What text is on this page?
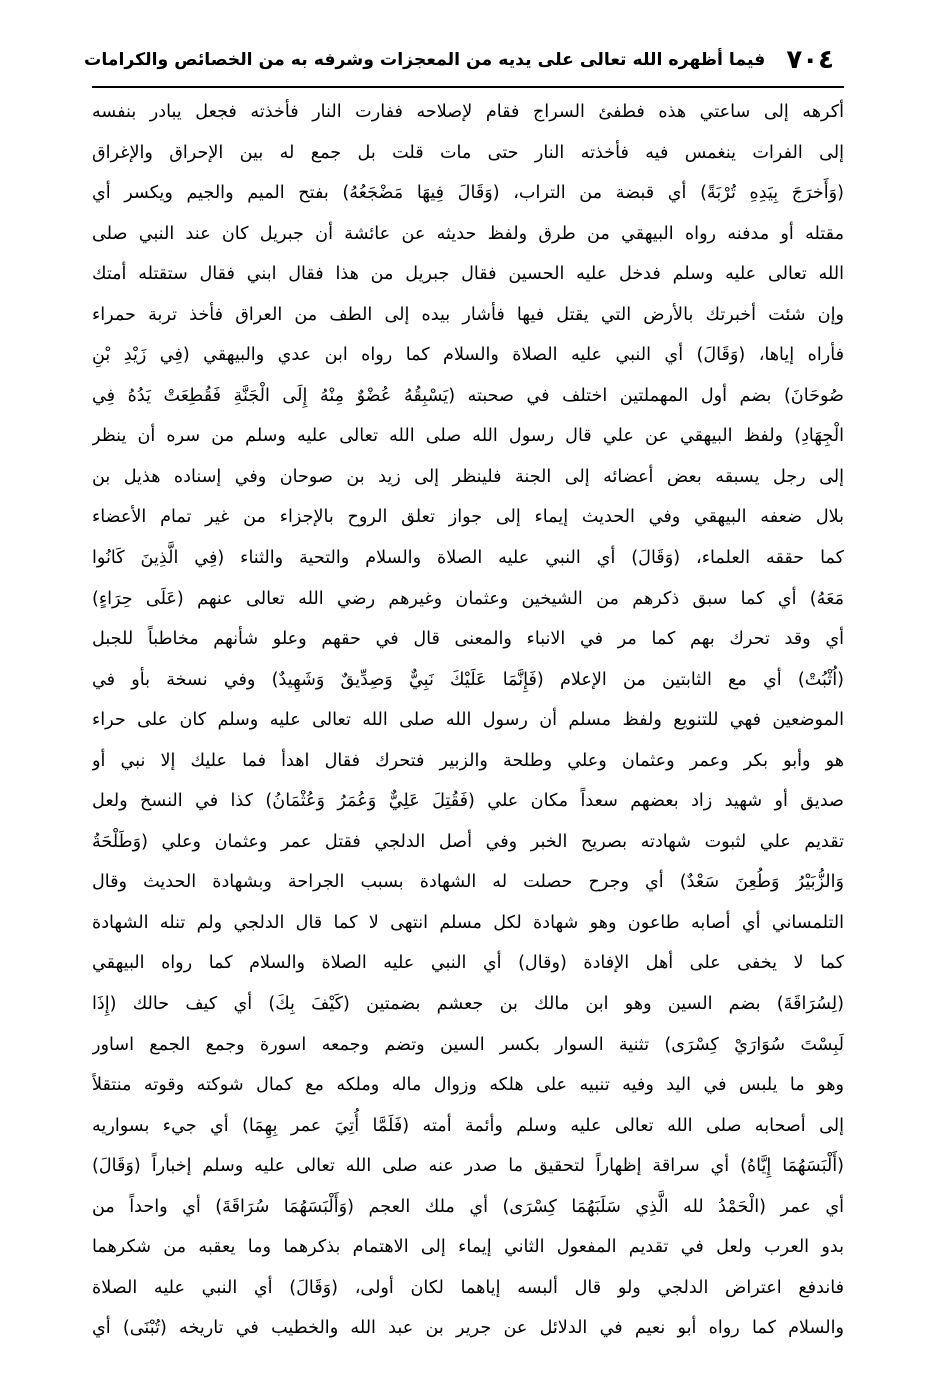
٧٠٤
فيما أظهره الله تعالى على يديه من المعجزات وشرفه به من الخصائص والكرامات
أكرهه إلى ساعتي هذه فطفئ السراج فقام لإصلاحه ففارت النار فأخذته فجعل يبادر بنفسه
إلى الفرات ينغمس فيه فأخذته النار حتى مات قلت بل جمع له بين الإحراق والإغراق
(وَأَخرَجَ بِيَدِهِ تُرْبَةً) أي قبضة من التراب، (وَقَالَ فِيهَا مَضْجَعُهُ) بفتح الميم والجيم ويكسر أي
مقتله أو مدفنه رواه البيهقي من طرق ولفظ حديثه عن عائشة أن جبريل كان عند النبي صلى
الله تعالى عليه وسلم فدخل عليه الحسين فقال جبريل من هذا فقال ابني فقال ستقتله أمتك
وإن شئت أخبرتك بالأرض التي يقتل فيها فأشار بيده إلى الطف من العراق فأخذ تربة حمراء
فأراه إياها، (وَقَالَ) أي النبي عليه الصلاة والسلام كما رواه ابن عدي والبيهقي (فِي زَيْدِ بْنِ
صُوحَانَ) بضم أول المهملتين اختلف في صحبته (يَسْبِقُهُ عُضْوٌ مِنْهُ إِلَى الْجَنَّةِ فَقُطِعَتْ يَدُهُ فِي
الْجِهَادِ) ولفظ البيهقي عن علي قال رسول الله صلى الله تعالى عليه وسلم من سره أن ينظر
إلى رجل يسبقه بعض أعضائه إلى الجنة فلينظر إلى زيد بن صوحان وفي إسناده هذيل بن
بلال ضعفه البيهقي وفي الحديث إيماء إلى جواز تعلق الروح بالإجزاء من غير تمام الأعضاء
كما حققه العلماء، (وَقَالَ) أي النبي عليه الصلاة والسلام والتحية والثناء (فِي الَّذِينَ كَانُوا
مَعَهُ) أي كما سبق ذكرهم من الشيخين وعثمان وغيرهم رضي الله تعالى عنهم (عَلَى حِرَاءٍ)
أي وقد تحرك بهم كما مر في الانباء والمعنى قال في حقهم وعلو شأنهم مخاطباً للجبل
(اُثْبُتْ) أي مع الثابتين من الإعلام (فَإِنَّمَا عَلَيْكَ نَبِيٌّ وَصِدِّيقٌ وَشَهِيدٌ) وفي نسخة بأو في
الموضعين فهي للتنويع ولفظ مسلم أن رسول الله صلى الله تعالى عليه وسلم كان على حراء
هو وأبو بكر وعمر وعثمان وعلي وطلحة والزبير فتحرك فقال اهدأ فما عليك إلا نبي أو
صديق أو شهيد زاد بعضهم سعداً مكان علي (فَقُتِلَ عَلِيٌّ وَعُمَرُ وَعُثْمَانُ) كذا في النسخ ولعل
تقديم علي لثبوت شهادته بصريح الخبر وفي أصل الدلجي فقتل عمر وعثمان وعلي (وَطَلْحَةُ
وَالزُّبَيْرُ وَطُعِنَ سَعْدٌ) أي وجرح حصلت له الشهادة بسبب الجراحة وبشهادة الحديث وقال
التلمساني أي أصابه طاعون وهو شهادة لكل مسلم انتهى لا كما قال الدلجي ولم تنله الشهادة
كما لا يخفى على أهل الإفادة (وقال) أي النبي عليه الصلاة والسلام كما رواه البيهقي
(لِسُرَاقَةَ) بضم السين وهو ابن مالك بن جعشم بضمتين (كَيْفَ بِكَ) أي كيف حالك (إِذَا
لَبِسْتَ سُوَارَيْ كِسْرَى) تثنية السوار بكسر السين وتضم وجمعه اسورة وجمع الجمع اساور
وهو ما يلبس في اليد وفيه تنبيه على هلكه وزوال ماله وملكه مع كمال شوكته وقوته منتقلاً
إلى أصحابه صلى الله تعالى عليه وسلم وأئمة أمته (فَلَمَّا أُتِيَ عمر بِهِمَا) أي جيء بسواريه
(أَلْبَسَهُمَا إِيَّاهُ) أي سراقة إظهاراً لتحقيق ما صدر عنه صلى الله تعالى عليه وسلم إخباراً (وَقَالَ)
أي عمر (الْحَمْدُ لله الَّذِي سَلَبَهُمَا كِسْرَى) أي ملك العجم (وَأَلْبَسَهُمَا سُرَاقَةَ) أي واحداً من
بدو العرب ولعل في تقديم المفعول الثاني إيماء إلى الاهتمام بذكرهما وما يعقبه من شكرهما
فاندفع اعتراض الدلجي ولو قال ألبسه إياهما لكان أولى، (وَقَالَ) أي النبي عليه الصلاة
والسلام كما رواه أبو نعيم في الدلائل عن جرير بن عبد الله والخطيب في تاريخه (تُبْنَى) أي
